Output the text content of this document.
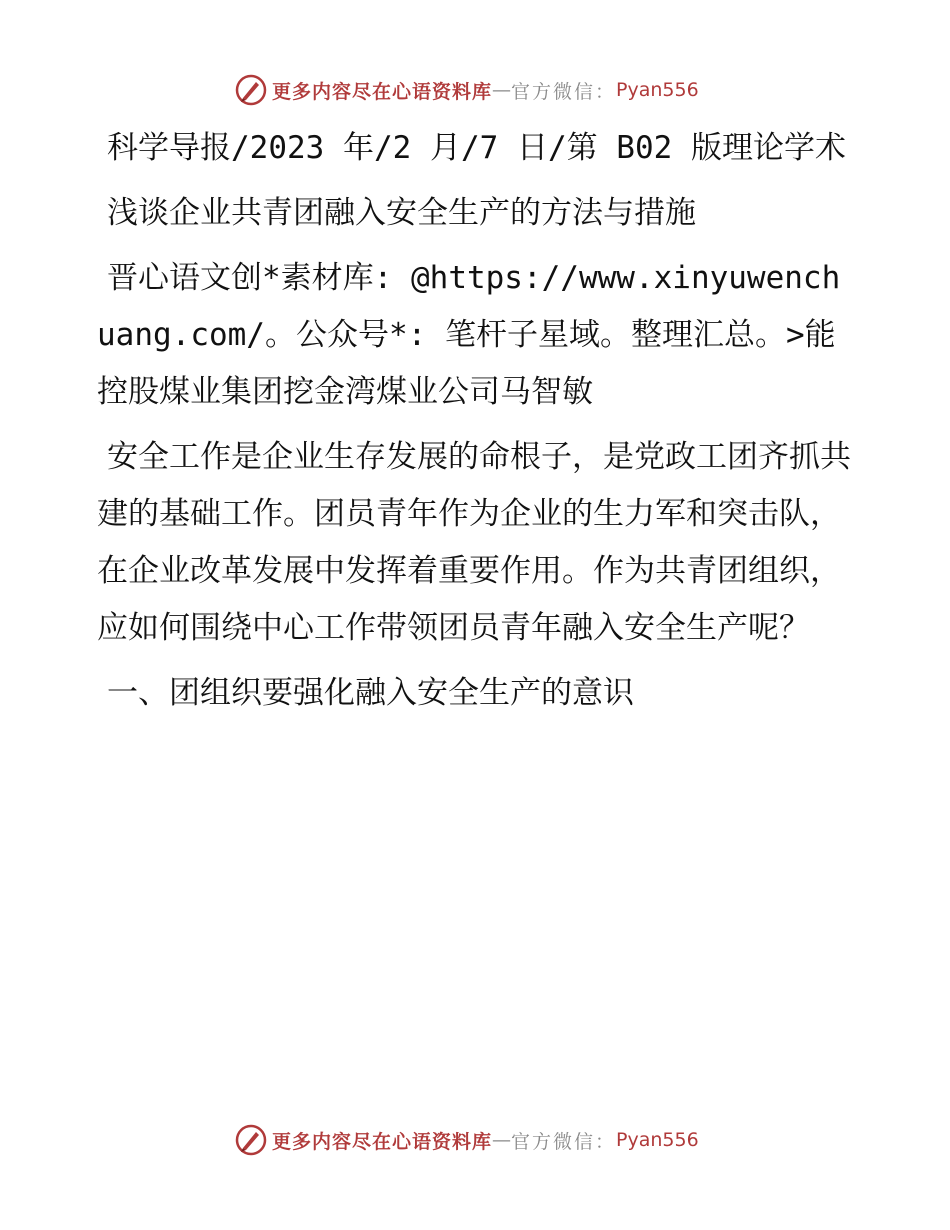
更多内容尽在心语资料库 — 官方微信： Pyan556

科学导报/2023 年/2 月/7 日/第 B02 版理论学术

浅谈企业共青团融入安全生产的方法与措施

晋心语文创*素材库: @https://www.xinyuwenchuang.com/。公众号*: 笔杆子星域。整理汇总。>能控股煤业集团挖金湾煤业公司马智敏

安全工作是企业生存发展的命根子，是党政工团齐抓共建的基础工作。团员青年作为企业的生力军和突击队，在企业改革发展中发挥着重要作用。作为共青团组织，应如何围绕中心工作带领团员青年融入安全生产呢？

一、团组织要强化融入安全生产的意识

更多内容尽在心语资料库 — 官方微信： Pyan556
